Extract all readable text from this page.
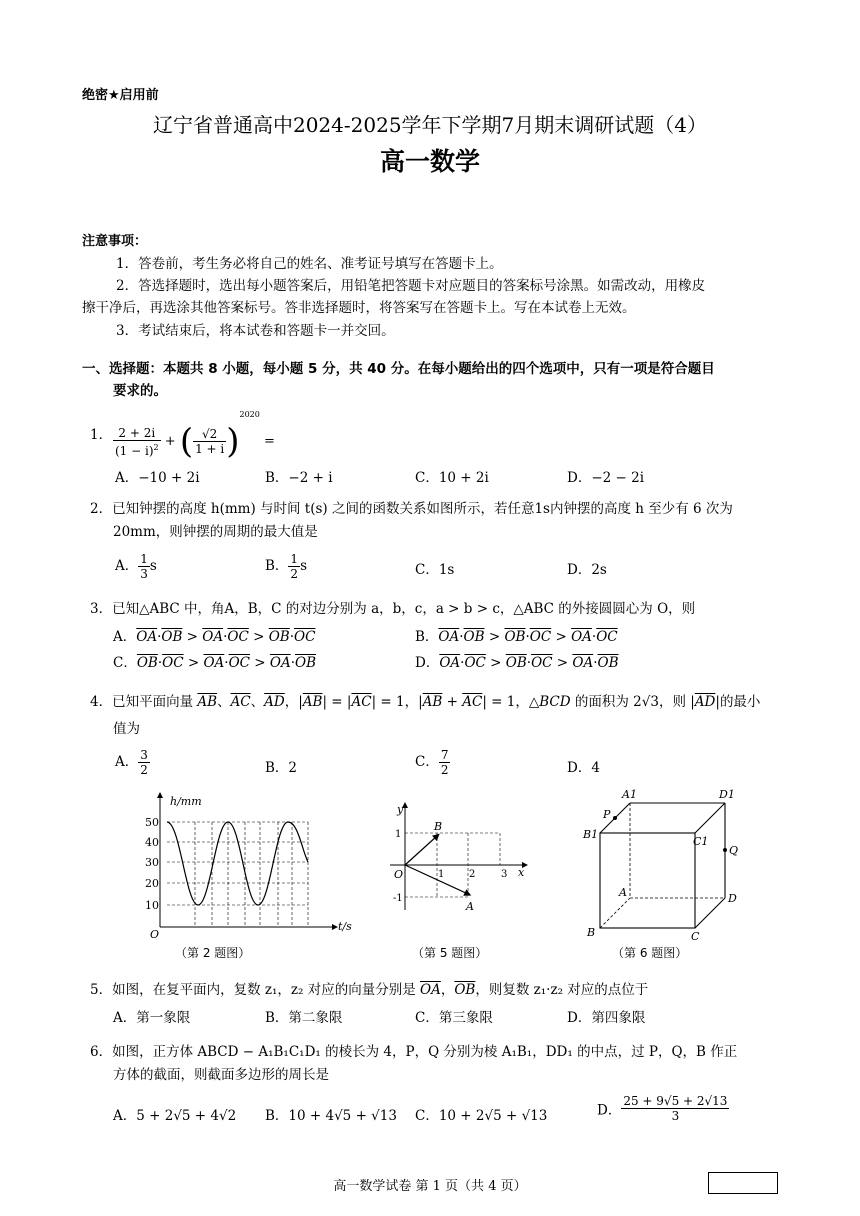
绝密★启用前
辽宁省普通高中2024-2025学年下学期7月期末调研试题（4）
高一数学
注意事项：
1．答卷前，考生务必将自己的姓名、准考证号填写在答题卡上。
2．答选择题时，选出每小题答案后，用铅笔把答题卡对应题目的答案标号涂黑。如需改动，用橡皮
擦干净后，再选涂其他答案标号。答非选择题时，将答案写在答题卡上。写在本试卷上无效。
3．考试结束后，将本试卷和答题卡一并交回。
一、选择题：本题共 8 小题，每小题 5 分，共 40 分。在每小题给出的四个选项中，只有一项是符合题目
要求的。
1． $\frac{2 + 2i}{(1 - i)^2}$ + ( $\frac{√2}{1 + i} )^{2020}$ =
A．−10 + 2i	B．−2 + i	C．10 + 2i	D．−2 − 2i
2．已知钟摆的高度 h(mm) 与时间 t(s) 之间的函数关系如图所示，若任意1s内钟摆的高度 h 至少有 6 次为
20mm，则钟摆的周期的最大值是
A． $\frac{1}{3}$ s	B． $\frac{1}{2}$ s	C．1s	D．2s
3．已知△ABC 中，角A，B，C 的对边分别为 a，b，c，a > b > c，△ABC 的外接圆圆心为 O，则
A．$\overline{OA}\cdot\overline{OB} > \overline{OA}\cdot\overline{OC} > \overline{OB}\cdot\overline{OC}$	B．$\overline{OA}\cdot\overline{OB} > \overline{OB}\cdot\overline{OC} > \overline{OA}\cdot\overline{OC}$
C．$\overline{OB}\cdot\overline{OC} > \overline{OA}\cdot\overline{OC} > \overline{OA}\cdot\overline{OB}$	D．$\overline{OA}\cdot\overline{OC} > \overline{OB}\cdot\overline{OC} > \overline{OA}\cdot\overline{OB}$
4．已知平面向量 $\overline{AB}$、$\overline{AC}$、$\overline{AD}$，$|\overline{AB}| = |\overline{AC}| = 1$，$|\overline{AB} + \overline{AC}| = 1$，△BCD 的面积为 2√3，则 $|\overline{AD}|$的最小
值为
A． $\frac{3}{2}$	B．2	C． $\frac{7}{2}$	D．4
h/mm
t/s
O
50
40
30
20
10
（第 2 题图）
y
x
O
B
A
1
-1
1 2	3
（第 5 题图）
A1	D1
B1
C1
P
Q
A	D
B	C
（第 6 题图）
5．如图，在复平面内，复数 z₁，z₂ 对应的向量分别是 $\overline{OA}$，$\overline{OB}$，则复数 z₁·z₂ 对应的点位于
A．第一象限	B．第二象限	C．第三象限	D．第四象限
6．如图，正方体 ABCD − A₁B₁C₁D₁ 的棱长为 4，P，Q 分别为棱 A₁B₁，DD₁ 的中点，过 P，Q，B 作正
方体的截面，则截面多边形的周长是
A．5 + 2√5 + 4√2 B．10 + 4√5 + √13 C．10 + 2√5 + √13	D． $\frac{25 + 9√5 + 2√13}{3}$
高一数学试卷 第 1 页（共 4 页）
